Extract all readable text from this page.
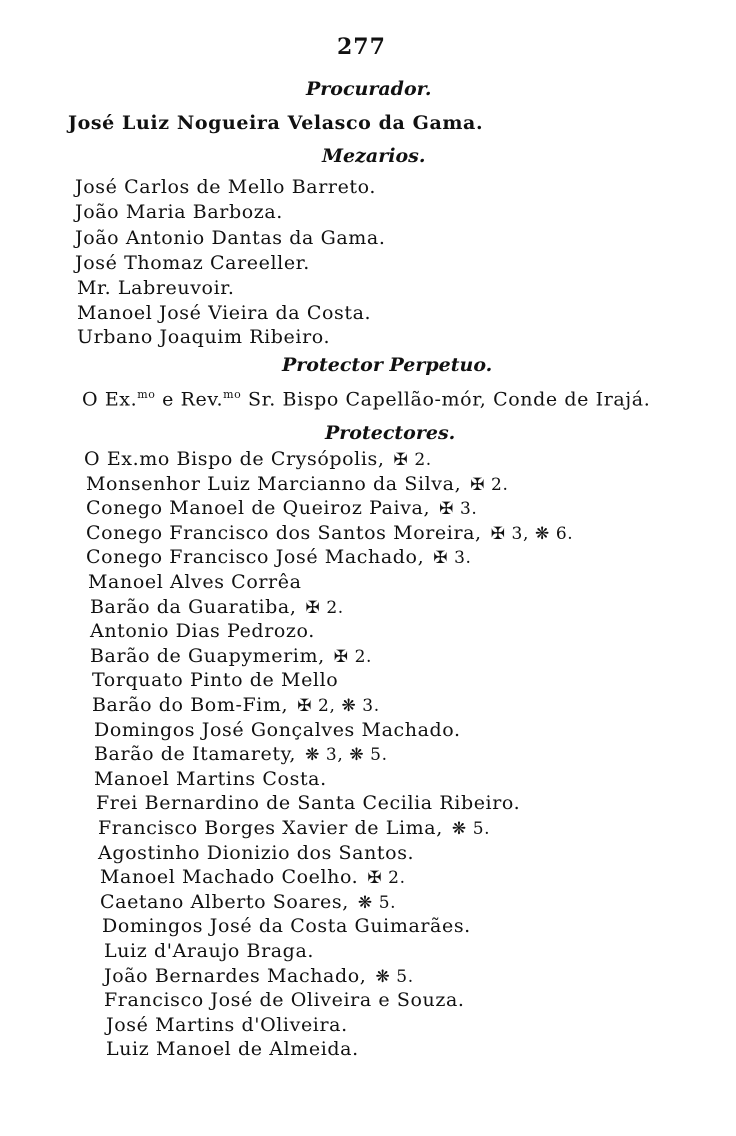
277
Procurador.
José Luiz Nogueira Velasco da Gama.
Mezarios.
José Carlos de Mello Barreto.
João Maria Barboza.
João Antonio Dantas da Gama.
José Thomaz Careeller.
Mr. Labreuvoir.
Manoel José Vieira da Costa.
Urbano Joaquim Ribeiro.
Protector Perpetuo.
O Ex.$^{mo}$ e Rev.$^{mo}$ Sr. Bispo Capellão-mór, Conde de Irajá.
Protectores.
O Ex.mo Bispo de Crysópolis, ✠ 2.
Monsenhor Luiz Marcianno da Silva, ✠ 2.
Conego Manoel de Queiroz Paiva, ✠ 3.
Conego Francisco dos Santos Moreira, ✠ 3, ❋ 6.
Conego Francisco José Machado, ✠ 3.
Manoel Alves Corrêa
Barão da Guaratiba, ✠ 2.
Antonio Dias Pedrozo.
Barão de Guapymerim, ✠ 2.
Torquato Pinto de Mello
Barão do Bom-Fim, ✠ 2, ❋ 3.
Domingos José Gonçalves Machado.
Barão de Itamarety, ❋ 3, ❋ 5.
Manoel Martins Costa.
Frei Bernardino de Santa Cecilia Ribeiro.
Francisco Borges Xavier de Lima, ❋ 5.
Agostinho Dionizio dos Santos.
Manoel Machado Coelho. ✠ 2.
Caetano Alberto Soares, ❋ 5.
Domingos José da Costa Guimarães.
Luiz d'Araujo Braga.
João Bernardes Machado, ❋ 5.
Francisco José de Oliveira e Souza.
José Martins d'Oliveira.
Luiz Manoel de Almeida.
